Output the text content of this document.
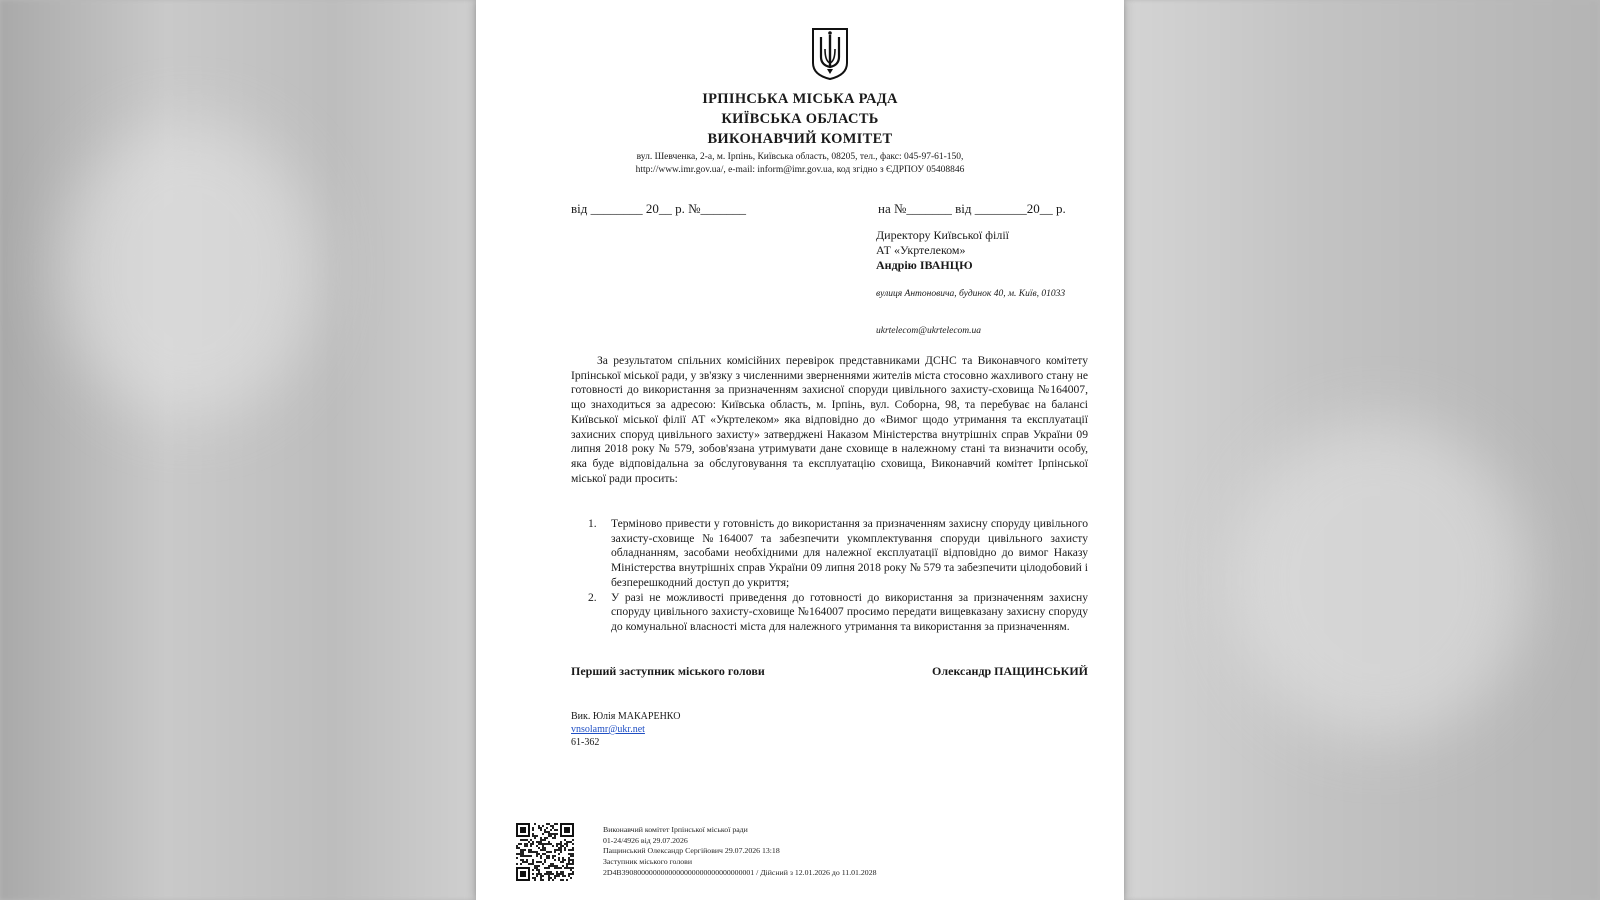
ІРПІНСЬКА МІСЬКА РАДА
КИЇВСЬКА ОБЛАСТЬ
ВИКОНАВЧИЙ КОМІТЕТ
вул. Шевченка, 2-а, м. Ірпінь, Київська область, 08205, тел., факс: 045-97-61-150,
http://www.imr.gov.ua/, e-mail: inform@imr.gov.ua, код згідно з ЄДРПОУ 05408846
від ________ 20__ р. №_______	на №_______ від ________20__ р.
Директору Київської філії
АТ «Укртелеком»
Андрію ІВАНЦЮ
вулиця Антоновича, будинок 40, м. Київ, 01033
ukrtelecom@ukrtelecom.ua
За результатом спільних комісійних перевірок представниками ДСНС та Виконавчого комітету Ірпінської міської ради, у зв'язку з численними зверненнями жителів міста стосовно жахливого стану не готовності до використання за призначенням захисної споруди цивільного захисту-сховища №164007, що знаходиться за адресою: Київська область, м. Ірпінь, вул. Соборна, 98, та перебуває на балансі Київської міської філії АТ «Укртелеком» яка відповідно до «Вимог щодо утримання та експлуатації захисних споруд цивільного захисту» затверджені Наказом Міністерства внутрішніх справ України 09 липня 2018 року № 579, зобов'язана утримувати дане сховище в належному стані та визначити особу, яка буде відповідальна за обслуговування та експлуатацію сховища, Виконавчий комітет Ірпінської міської ради просить:
1. Терміново привести у готовність до використання за призначенням захисну споруду цивільного захисту-сховище №164007 та забезпечити укомплектування споруди цивільного захисту обладнанням, засобами необхідними для належної експлуатації відповідно до вимог Наказу Міністерства внутрішніх справ України 09 липня 2018 року № 579 та забезпечити цілодобовий і безперешкодний доступ до укриття;
2. У разі не можливості приведення до готовності до використання за призначенням захисну споруду цивільного захисту-сховище №164007 просимо передати вищевказану захисну споруду до комунальної власності міста для належного утримання та використання за призначенням.
Перший заступник міського голови	Олександр ПАЩИНСЬКИЙ
Вик. Юлія МАКАРЕНКО
vnsolamr@ukr.net
61-362
Виконавчий комітет Ірпінської міської ради
01-24/4926 від 29.07.2026
Пащинський Олександр Сергійович 29.07.2026 13:18
Заступник міського голови
2D4B3908000000000000000000000000000001 / Дійсний з 12.01.2026 до 11.01.2028
